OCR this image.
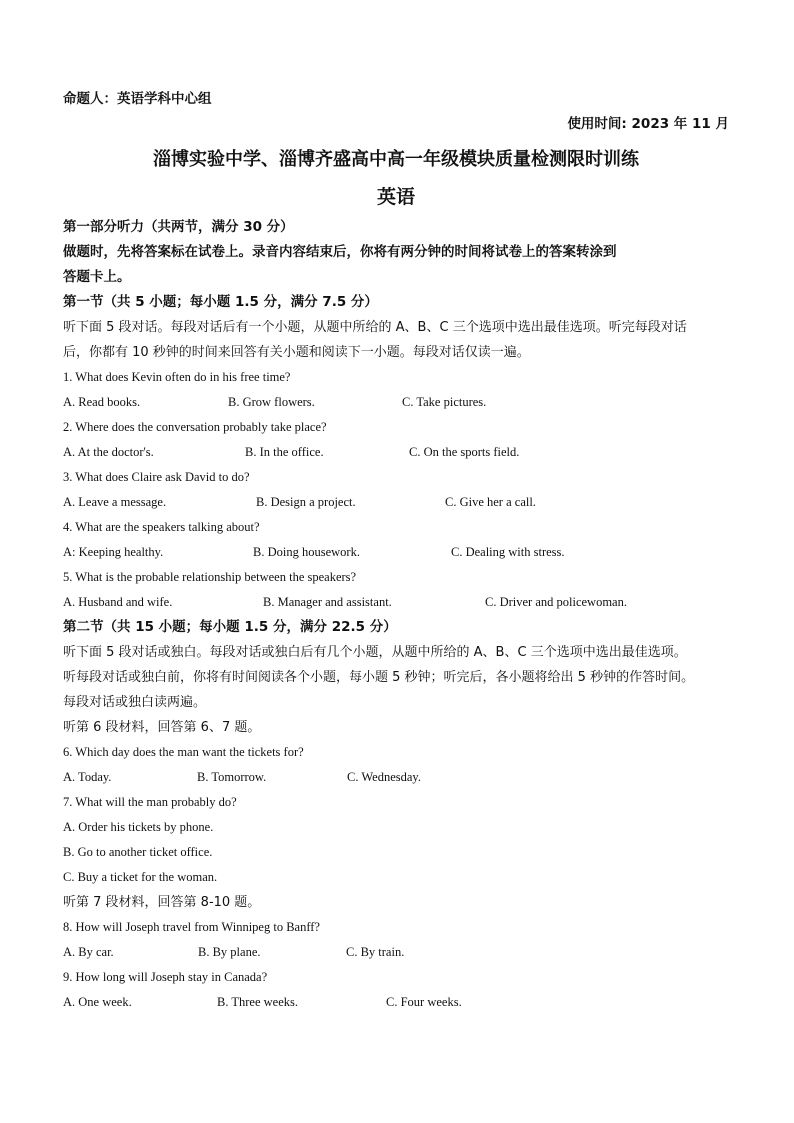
命题人：英语学科中心组
使用时间: 2023 年 11 月
淄博实验中学、淄博齐盛高中高一年级模块质量检测限时训练
英语
第一部分听力（共两节，满分 30 分）
做题时，先将答案标在试卷上。录音内容结束后，你将有两分钟的时间将试卷上的答案转涂到
答题卡上。
第一节（共 5 小题；每小题 1.5 分，满分 7.5 分）
听下面 5 段对话。每段对话后有一个小题，从题中所给的 A、B、C 三个选项中选出最佳选项。听完每段对话
后，你都有 10 秒钟的时间来回答有关小题和阅读下一小题。每段对话仅读一遍。
1. What does Kevin often do in his free time?
A. Read books.	B. Grow flowers.	C. Take pictures.
2. Where does the conversation probably take place?
A. At the doctor's.	B. In the office.	C. On the sports field.
3. What does Claire ask David to do?
A. Leave a message.	B. Design a project.	C. Give her a call.
4. What are the speakers talking about?
A: Keeping healthy.	B. Doing housework.	C. Dealing with stress.
5. What is the probable relationship between the speakers?
A. Husband and wife.	B. Manager and assistant.	C. Driver and policewoman.
第二节（共 15 小题；每小题 1.5 分，满分 22.5 分）
听下面 5 段对话或独白。每段对话或独白后有几个小题，从题中所给的 A、B、C 三个选项中选出最佳选项。
听每段对话或独白前，你将有时间阅读各个小题，每小题 5 秒钟；听完后，各小题将给出 5 秒钟的作答时间。
每段对话或独白读两遍。
听第 6 段材料，回答第 6、7 题。
6. Which day does the man want the tickets for?
A. Today.	B. Tomorrow.	C. Wednesday.
7. What will the man probably do?
A. Order his tickets by phone.
B. Go to another ticket office.
C. Buy a ticket for the woman.
听第 7 段材料，回答第 8-10 题。
8. How will Joseph travel from Winnipeg to Banff?
A. By car.	B. By plane.	C. By train.
9. How long will Joseph stay in Canada?
A. One week.	B. Three weeks.	C. Four weeks.
